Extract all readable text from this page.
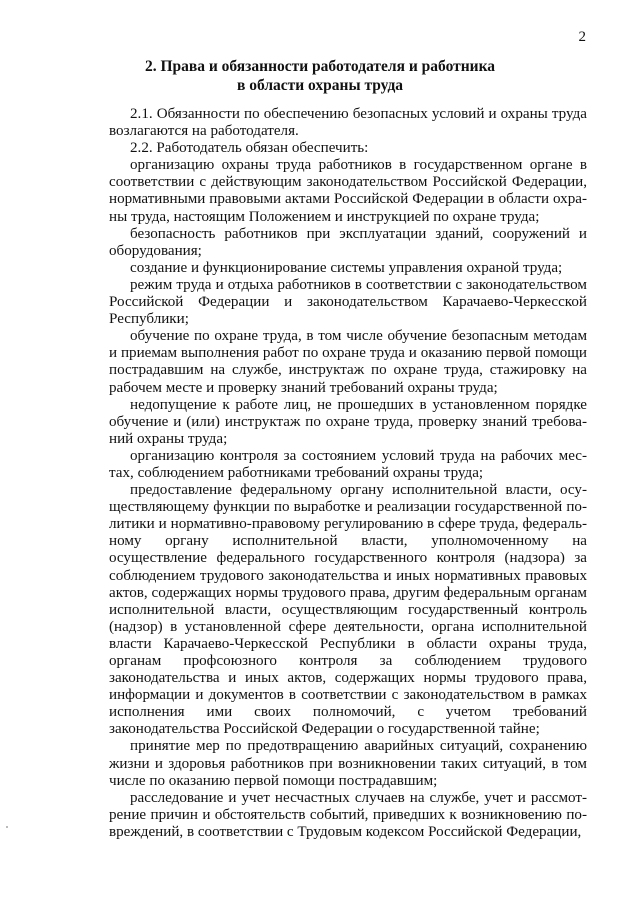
2
2. Права и обязанности работодателя и работника
в области охраны труда

2.1. Обязанности по обеспечению безопасных условий и охраны труда возлагаются на работодателя.

2.2. Работодатель обязан обеспечить:

организацию охраны труда работников в государственном органе в соответствии с действующим законодательством Российской Федерации, нормативными правовыми актами Российской Федерации в области охраны труда, настоящим Положением и инструкцией по охране труда;

безопасность работников при эксплуатации зданий, сооружений и оборудования;

создание и функционирование системы управления охраной труда;

режим труда и отдыха работников в соответствии с законодательством Российской Федерации и законодательством Карачаево-Черкесской Республики;

обучение по охране труда, в том числе обучение безопасным методам и приемам выполнения работ по охране труда и оказанию первой помощи пострадавшим на службе, инструктаж по охране труда, стажировку на рабочем месте и проверку знаний требований охраны труда;

недопущение к работе лиц, не прошедших в установленном порядке обучение и (или) инструктаж по охране труда, проверку знаний требований охраны труда;

организацию контроля за состоянием условий труда на рабочих местах, соблюдением работниками требований охраны труда;

предоставление федеральному органу исполнительной власти, осуществляющему функции по выработке и реализации государственной политики и нормативно-правовому регулированию в сфере труда, федеральному органу исполнительной власти, уполномоченному на осуществление федерального государственного контроля (надзора) за соблюдением трудового законодательства и иных нормативных правовых актов, содержащих нормы трудового права, другим федеральным органам исполнительной власти, осуществляющим государственный контроль (надзор) в установленной сфере деятельности, органа исполнительной власти Карачаево-Черкесской Республики в области охраны труда, органам профсоюзного контроля за соблюдением трудового законодательства и иных актов, содержащих нормы трудового права, информации и документов в соответствии с законодательством в рамках исполнения ими своих полномочий, с учетом требований законодательства Российской Федерации о государственной тайне;

принятие мер по предотвращению аварийных ситуаций, сохранению жизни и здоровья работников при возникновении таких ситуаций, в том числе по оказанию первой помощи пострадавшим;

расследование и учет несчастных случаев на службе, учет и рассмотрение причин и обстоятельств событий, приведших к возникновению повреждений, в соответствии с Трудовым кодексом Российской Федерации,
